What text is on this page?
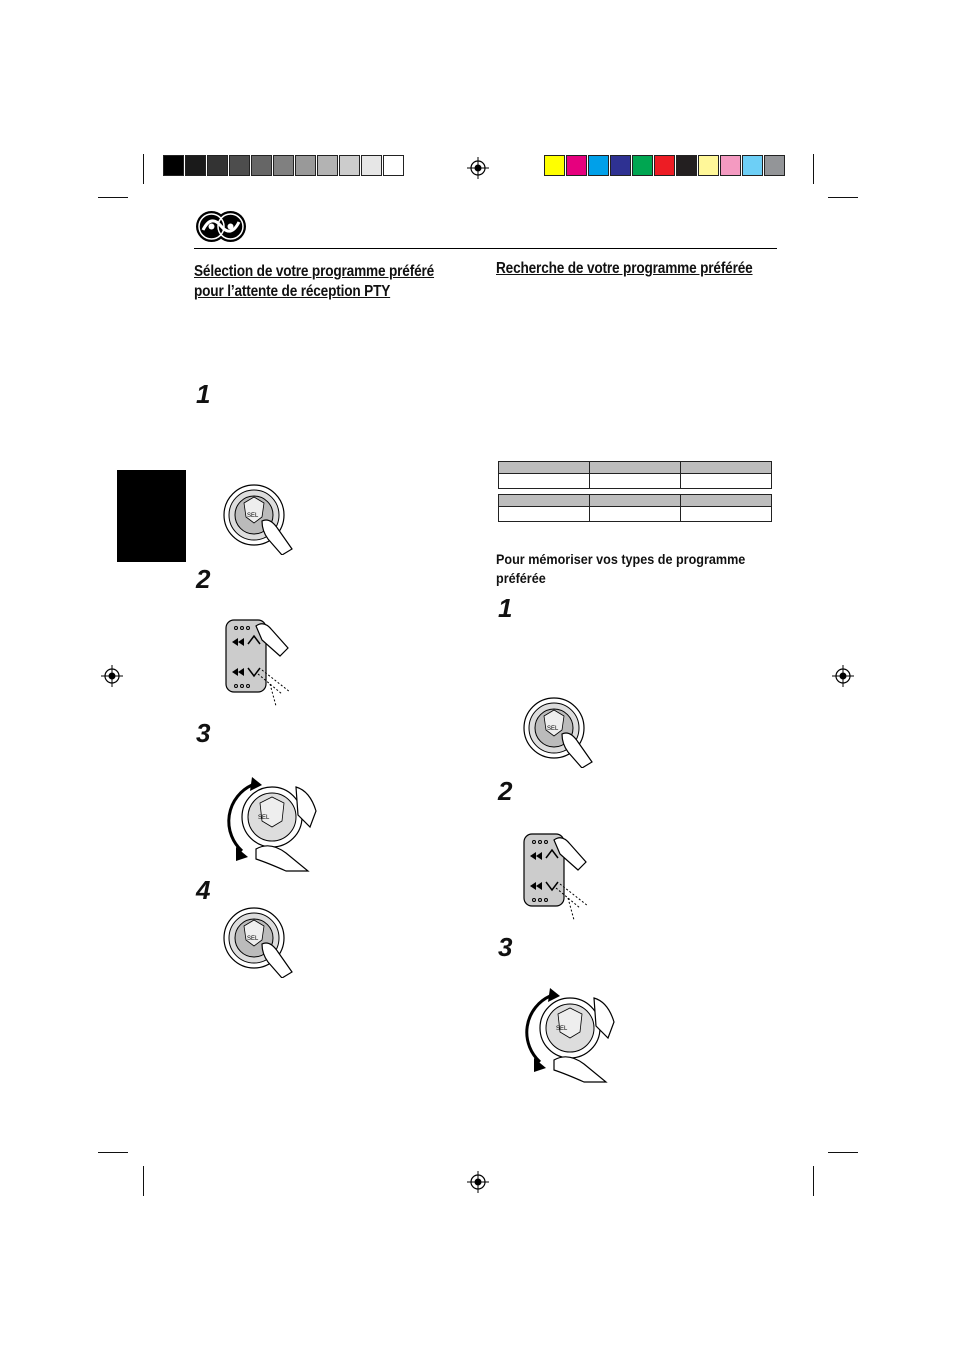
Sélection de votre programme préféré
pour l’attente de réception PTY
Recherche de votre programme préférée
1
2
3
4
1
2
3
Pour mémoriser vos types de programme
préférée

SEL
SEL
SEL
SEL
SEL
